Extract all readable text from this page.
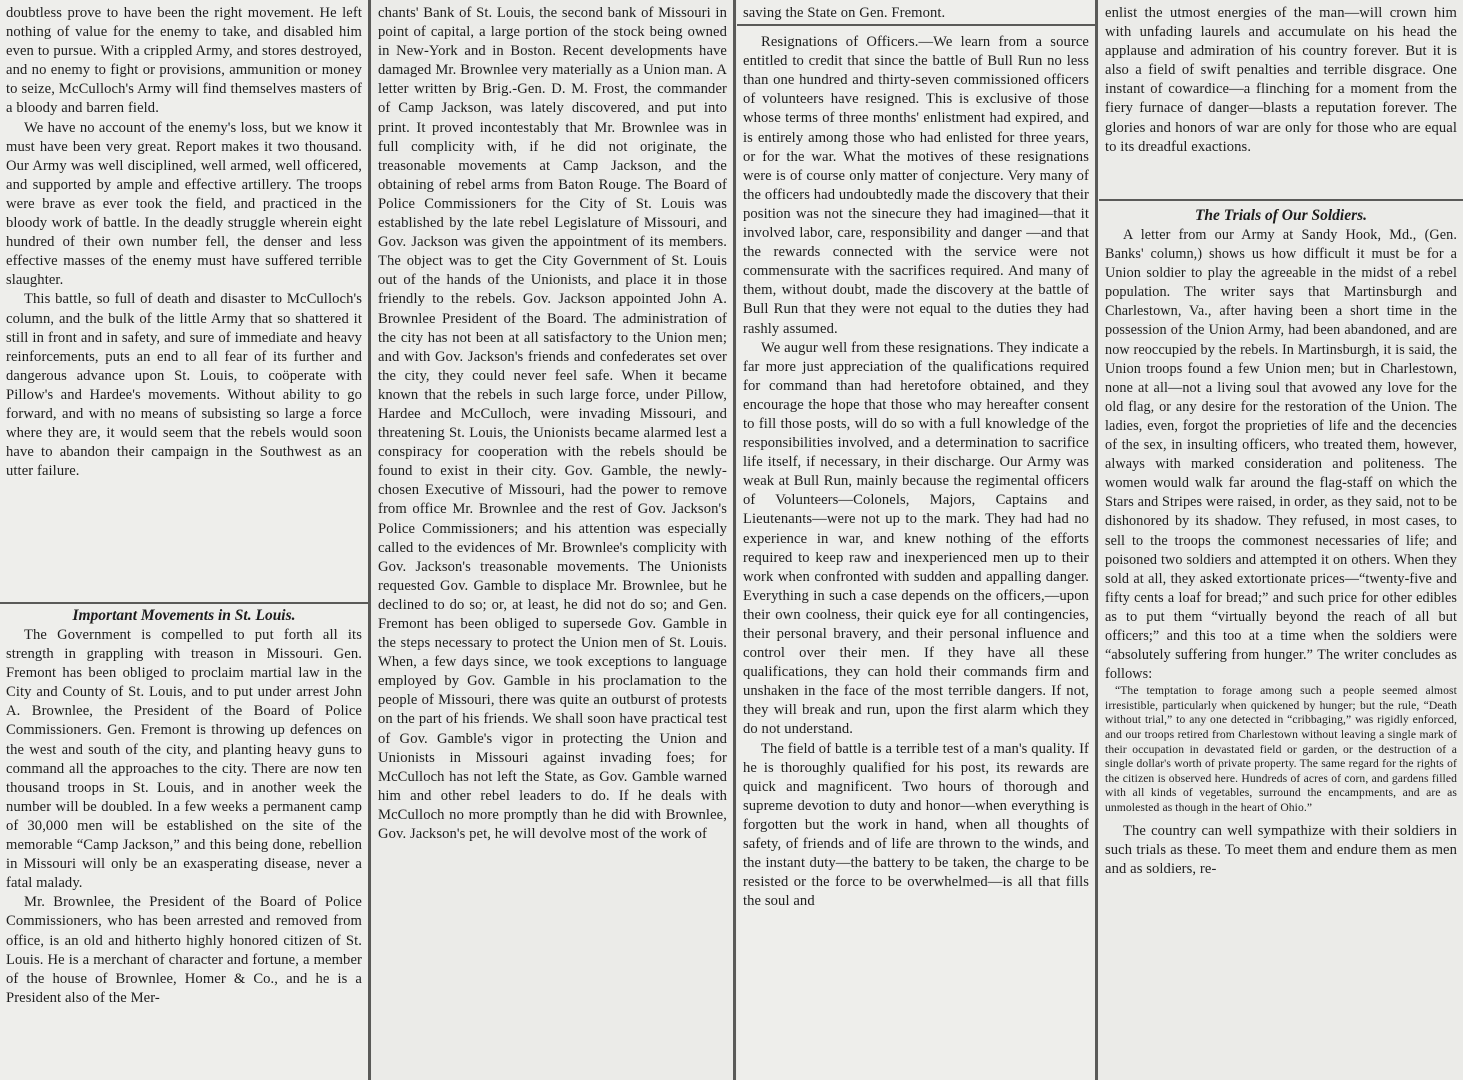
doubtless prove to have been the right movement. He left nothing of value for the enemy to take, and disabled him even to pursue. With a crippled Army, and stores destroyed, and no enemy to fight or provisions, ammunition or money to seize, McCulloch's Army will find themselves masters of a bloody and barren field.

We have no account of the enemy's loss, but we know it must have been very great. Report makes it two thousand. Our Army was well disciplined, well armed, well officered, and supported by ample and effective artillery. The troops were brave as ever took the field, and practiced in the bloody work of battle. In the deadly struggle wherein eight hundred of their own number fell, the denser and less effective masses of the enemy must have suffered terrible slaughter.

This battle, so full of death and disaster to McCulloch's column, and the bulk of the little Army that so shattered it still in front and in safety, and sure of immediate and heavy reinforcements, puts an end to all fear of its further and dangerous advance upon St. Louis, to coöperate with Pillow's and Hardee's movements. Without ability to go forward, and with no means of subsisting so large a force where they are, it would seem that the rebels would soon have to abandon their campaign in the Southwest as an utter failure.

Important Movements in St. Louis.

The Government is compelled to put forth all its strength in grappling with treason in Missouri. Gen. Fremont has been obliged to proclaim martial law in the City and County of St. Louis, and to put under arrest John A. Brownlee, the President of the Board of Police Commissioners. Gen. Fremont is throwing up defences on the west and south of the city, and planting heavy guns to command all the approaches to the city. There are now ten thousand troops in St. Louis, and in another week the number will be doubled. In a few weeks a permanent camp of 30,000 men will be established on the site of the memorable “Camp Jackson,” and this being done, rebellion in Missouri will only be an exasperating disease, never a fatal malady.

Mr. Brownlee, the President of the Board of Police Commissioners, who has been arrested and removed from office, is an old and hitherto highly honored citizen of St. Louis. He is a merchant of character and fortune, a member of the house of Brownlee, Homer & Co., and he is a President also of the Mer-

chants' Bank of St. Louis, the second bank of Missouri in point of capital, a large portion of the stock being owned in New-York and in Boston. Recent developments have damaged Mr. Brownlee very materially as a Union man. A letter written by Brig.-Gen. D. M. Frost, the commander of Camp Jackson, was lately discovered, and put into print. It proved incontestably that Mr. Brownlee was in full complicity with, if he did not originate, the treasonable movements at Camp Jackson, and the obtaining of rebel arms from Baton Rouge. The Board of Police Commissioners for the City of St. Louis was established by the late rebel Legislature of Missouri, and Gov. Jackson was given the appointment of its members. The object was to get the City Government of St. Louis out of the hands of the Unionists, and place it in those friendly to the rebels. Gov. Jackson appointed John A. Brownlee President of the Board. The administration of the city has not been at all satisfactory to the Union men; and with Gov. Jackson's friends and confederates set over the city, they could never feel safe. When it became known that the rebels in such large force, under Pillow, Hardee and McCulloch, were invading Missouri, and threatening St. Louis, the Unionists became alarmed lest a conspiracy for cooperation with the rebels should be found to exist in their city. Gov. Gamble, the newly-chosen Executive of Missouri, had the power to remove from office Mr. Brownlee and the rest of Gov. Jackson's Police Commissioners; and his attention was especially called to the evidences of Mr. Brownlee's complicity with Gov. Jackson's treasonable movements. The Unionists requested Gov. Gamble to displace Mr. Brownlee, but he declined to do so; or, at least, he did not do so; and Gen. Fremont has been obliged to supersede Gov. Gamble in the steps necessary to protect the Union men of St. Louis. When, a few days since, we took exceptions to language employed by Gov. Gamble in his proclamation to the people of Missouri, there was quite an outburst of protests on the part of his friends. We shall soon have practical test of Gov. Gamble's vigor in protecting the Union and Unionists in Missouri against invading foes; for McCulloch has not left the State, as Gov. Gamble warned him and other rebel leaders to do. If he deals with McCulloch no more promptly than he did with Brownlee, Gov. Jackson's pet, he will devolve most of the work of

saving the State on Gen. Fremont.

Resignations of Officers.—We learn from a source entitled to credit that since the battle of Bull Run no less than one hundred and thirty-seven commissioned officers of volunteers have resigned. This is exclusive of those whose terms of three months' enlistment had expired, and is entirely among those who had enlisted for three years, or for the war. What the motives of these resignations were is of course only matter of conjecture. Very many of the officers had undoubtedly made the discovery that their position was not the sinecure they had imagined—that it involved labor, care, responsibility and danger —and that the rewards connected with the service were not commensurate with the sacrifices required. And many of them, without doubt, made the discovery at the battle of Bull Run that they were not equal to the duties they had rashly assumed.

We augur well from these resignations. They indicate a far more just appreciation of the qualifications required for command than had heretofore obtained, and they encourage the hope that those who may hereafter consent to fill those posts, will do so with a full knowledge of the responsibilities involved, and a determination to sacrifice life itself, if necessary, in their discharge. Our Army was weak at Bull Run, mainly because the regimental officers of Volunteers—Colonels, Majors, Captains and Lieutenants—were not up to the mark. They had had no experience in war, and knew nothing of the efforts required to keep raw and inexperienced men up to their work when confronted with sudden and appalling danger. Everything in such a case depends on the officers,—upon their own coolness, their quick eye for all contingencies, their personal bravery, and their personal influence and control over their men. If they have all these qualifications, they can hold their commands firm and unshaken in the face of the most terrible dangers. If not, they will break and run, upon the first alarm which they do not understand.

The field of battle is a terrible test of a man's quality. If he is thoroughly qualified for his post, its rewards are quick and magnificent. Two hours of thorough and supreme devotion to duty and honor—when everything is forgotten but the work in hand, when all thoughts of safety, of friends and of life are thrown to the winds, and the instant duty—the battery to be taken, the charge to be resisted or the force to be overwhelmed—is all that fills the soul and

enlist the utmost energies of the man—will crown him with unfading laurels and accumulate on his head the applause and admiration of his country forever. But it is also a field of swift penalties and terrible disgrace. One instant of cowardice—a flinching for a moment from the fiery furnace of danger—blasts a reputation forever. The glories and honors of war are only for those who are equal to its dreadful exactions.

The Trials of Our Soldiers.

A letter from our Army at Sandy Hook, Md., (Gen. Banks' column,) shows us how difficult it must be for a Union soldier to play the agreeable in the midst of a rebel population. The writer says that Martinsburgh and Charlestown, Va., after having been a short time in the possession of the Union Army, had been abandoned, and are now reoccupied by the rebels. In Martinsburgh, it is said, the Union troops found a few Union men; but in Charlestown, none at all—not a living soul that avowed any love for the old flag, or any desire for the restoration of the Union. The ladies, even, forgot the proprieties of life and the decencies of the sex, in insulting officers, who treated them, however, always with marked consideration and politeness. The women would walk far around the flag-staff on which the Stars and Stripes were raised, in order, as they said, not to be dishonored by its shadow. They refused, in most cases, to sell to the troops the commonest necessaries of life; and poisoned two soldiers and attempted it on others. When they sold at all, they asked extortionate prices—“twenty-five and fifty cents a loaf for bread;” and such price for other edibles as to put them “virtually beyond the reach of all but officers;” and this too at a time when the soldiers were “absolutely suffering from hunger.” The writer concludes as follows:

“The temptation to forage among such a people seemed almost irresistible, particularly when quickened by hunger; but the rule, “Death without trial,” to any one detected in “cribbaging,” was rigidly enforced, and our troops retired from Charlestown without leaving a single mark of their occupation in devastated field or garden, or the destruction of a single dollar's worth of private property. The same regard for the rights of the citizen is observed here. Hundreds of acres of corn, and gardens filled with all kinds of vegetables, surround the encampments, and are as unmolested as though in the heart of Ohio.”

The country can well sympathize with their soldiers in such trials as these. To meet them and endure them as men and as soldiers, re-
